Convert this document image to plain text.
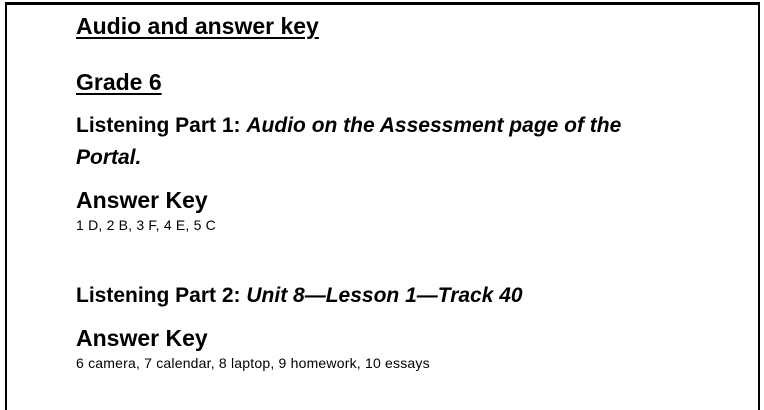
Audio and answer key
Grade 6

Listening Part 1: Audio on the Assessment page of the
Portal.

Answer Key
1 D, 2 B, 3 F, 4 E, 5 C

Listening Part 2: Unit 8—Lesson 1—Track 40

Answer Key
6 camera, 7 calendar, 8 laptop, 9 homework, 10 essays
